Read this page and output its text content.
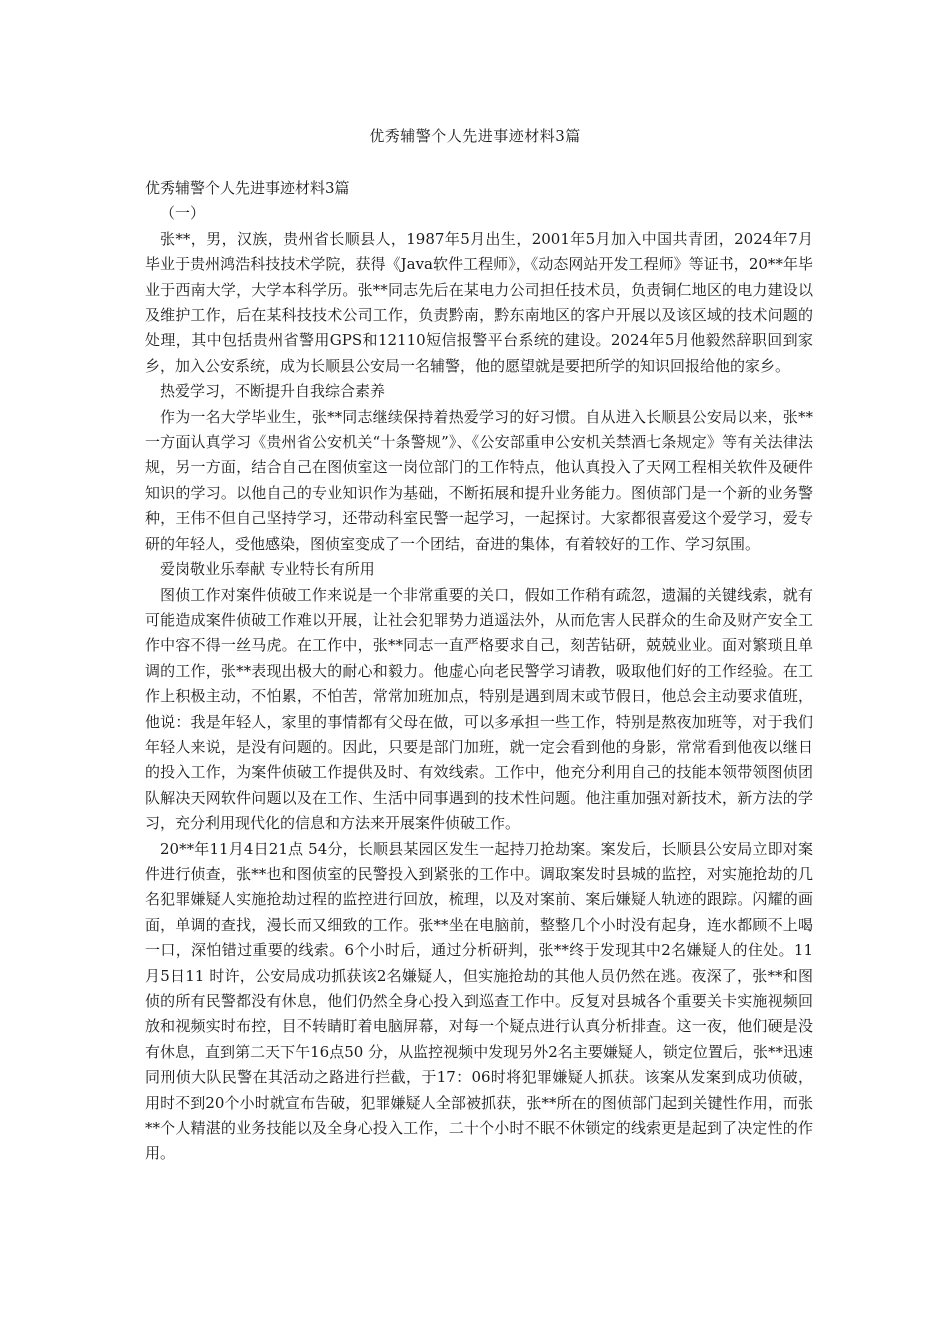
优秀辅警个人先进事迹材料3篇

优秀辅警个人先进事迹材料3篇

（一）

张**，男，汉族，贵州省长顺县人，1987年5月出生，2001年5月加入中国共青团，2024年7月毕业于贵州鸿浩科技技术学院，获得《Java软件工程师》，《动态网站开发工程师》等证书，20**年毕业于西南大学，大学本科学历。张**同志先后在某电力公司担任技术员，负责铜仁地区的电力建设以及维护工作，后在某科技技术公司工作，负责黔南，黔东南地区的客户开展以及该区域的技术问题的处理，其中包括贵州省警用GPS和12110短信报警平台系统的建设。2024年5月他毅然辞职回到家乡，加入公安系统，成为长顺县公安局一名辅警，他的愿望就是要把所学的知识回报给他的家乡。

热爱学习，不断提升自我综合素养

作为一名大学毕业生，张**同志继续保持着热爱学习的好习惯。自从进入长顺县公安局以来，张**一方面认真学习《贵州省公安机关“十条警规”》、《公安部重申公安机关禁酒七条规定》等有关法律法规，另一方面，结合自己在图侦室这一岗位部门的工作特点，他认真投入了天网工程相关软件及硬件知识的学习。以他自己的专业知识作为基础，不断拓展和提升业务能力。图侦部门是一个新的业务警种，王伟不但自己坚持学习，还带动科室民警一起学习，一起探讨。大家都很喜爱这个爱学习，爱专研的年轻人，受他感染，图侦室变成了一个团结，奋进的集体，有着较好的工作、学习氛围。

爱岗敬业乐奉献 专业特长有所用

图侦工作对案件侦破工作来说是一个非常重要的关口，假如工作稍有疏忽，遗漏的关键线索，就有可能造成案件侦破工作难以开展，让社会犯罪势力逍遥法外，从而危害人民群众的生命及财产安全工作中容不得一丝马虎。在工作中，张**同志一直严格要求自己，刻苦钻研，兢兢业业。面对繁琐且单调的工作，张**表现出极大的耐心和毅力。他虚心向老民警学习请教，吸取他们好的工作经验。在工作上积极主动，不怕累，不怕苦，常常加班加点，特别是遇到周末或节假日，他总会主动要求值班，他说：我是年轻人，家里的事情都有父母在做，可以多承担一些工作，特别是熬夜加班等，对于我们年轻人来说，是没有问题的。因此，只要是部门加班，就一定会看到他的身影，常常看到他夜以继日的投入工作，为案件侦破工作提供及时、有效线索。工作中，他充分利用自己的技能本领带领图侦团队解决天网软件问题以及在工作、生活中同事遇到的技术性问题。他注重加强对新技术，新方法的学习，充分利用现代化的信息和方法来开展案件侦破工作。

20**年11月4日21点 54分，长顺县某园区发生一起持刀抢劫案。案发后，长顺县公安局立即对案件进行侦查，张**也和图侦室的民警投入到紧张的工作中。调取案发时县城的监控，对实施抢劫的几名犯罪嫌疑人实施抢劫过程的监控进行回放，梳理，以及对案前、案后嫌疑人轨迹的跟踪。闪耀的画面，单调的查找，漫长而又细致的工作。张**坐在电脑前，整整几个小时没有起身，连水都顾不上喝一口，深怕错过重要的线索。6个小时后，通过分析研判，张**终于发现其中2名嫌疑人的住处。11月5日11 时许，公安局成功抓获该2名嫌疑人，但实施抢劫的其他人员仍然在逃。夜深了，张**和图侦的所有民警都没有休息，他们仍然全身心投入到巡查工作中。反复对县城各个重要关卡实施视频回放和视频实时布控，目不转睛盯着电脑屏幕，对每一个疑点进行认真分析排查。这一夜，他们硬是没有休息，直到第二天下午16点50 分，从监控视频中发现另外2名主要嫌疑人，锁定位置后，张**迅速同刑侦大队民警在其活动之路进行拦截，于17：06时将犯罪嫌疑人抓获。该案从发案到成功侦破，用时不到20个小时就宣布告破，犯罪嫌疑人全部被抓获，张**所在的图侦部门起到关键性作用，而张**个人精湛的业务技能以及全身心投入工作，二十个小时不眠不休锁定的线索更是起到了决定性的作用。
